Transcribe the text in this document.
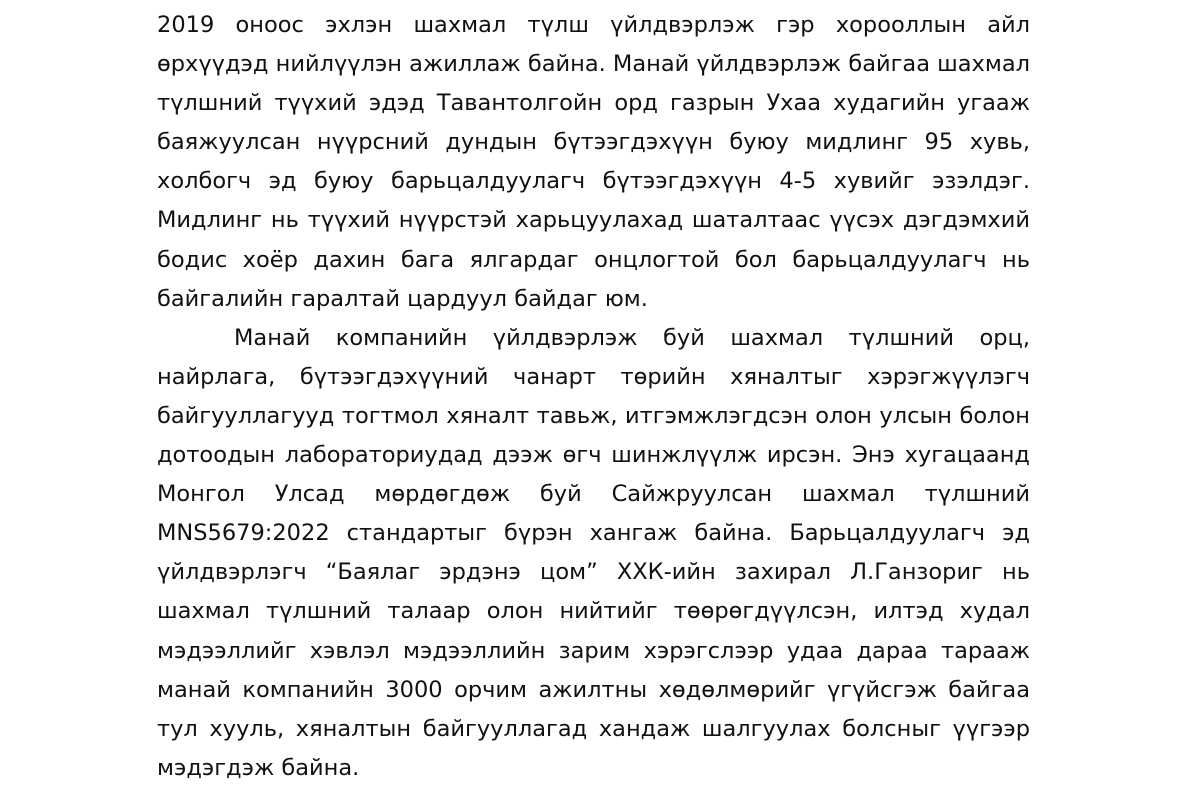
2019 оноос эхлэн шахмал түлш үйлдвэрлэж гэр хорооллын айл өрхүүдэд нийлүүлэн ажиллаж байна. Манай үйлдвэрлэж байгаа шахмал түлшний түүхий эдэд Тавантолгойн орд газрын Ухаа худагийн угааж баяжуулсан нүүрсний дундын бүтээгдэхүүн буюу мидлинг 95 хувь, холбогч эд буюу барьцалдуулагч бүтээгдэхүүн 4-5 хувийг эзэлдэг. Мидлинг нь түүхий нүүрстэй харьцуулахад шаталтаас үүсэх дэгдэмхий бодис хоёр дахин бага ялгардаг онцлогтой бол барьцалдуулагч нь байгалийн гаралтай цардуул байдаг юм.

Манай компанийн үйлдвэрлэж буй шахмал түлшний орц, найрлага, бүтээгдэхүүний чанарт төрийн хяналтыг хэрэгжүүлэгч байгууллагууд тогтмол хяналт тавьж, итгэмжлэгдсэн олон улсын болон дотоодын лабораториудад дээж өгч шинжлүүлж ирсэн. Энэ хугацаанд Монгол Улсад мөрдөгдөж буй Сайжруулсан шахмал түлшний MNS5679:2022 стандартыг бүрэн хангаж байна. Барьцалдуулагч эд үйлдвэрлэгч “Баялаг эрдэнэ цом” ХХК-ийн захирал Л.Ганзориг нь шахмал түлшний талаар олон нийтийг төөрөгдүүлсэн, илтэд худал мэдээллийг хэвлэл мэдээллийн зарим хэрэгслээр удаа дараа тарааж манай компанийн 3000 орчим ажилтны хөдөлмөрийг үгүйсгэж байгаа тул хууль, хяналтын байгууллагад хандаж шалгуулах болсныг үүгээр мэдэгдэж байна.
